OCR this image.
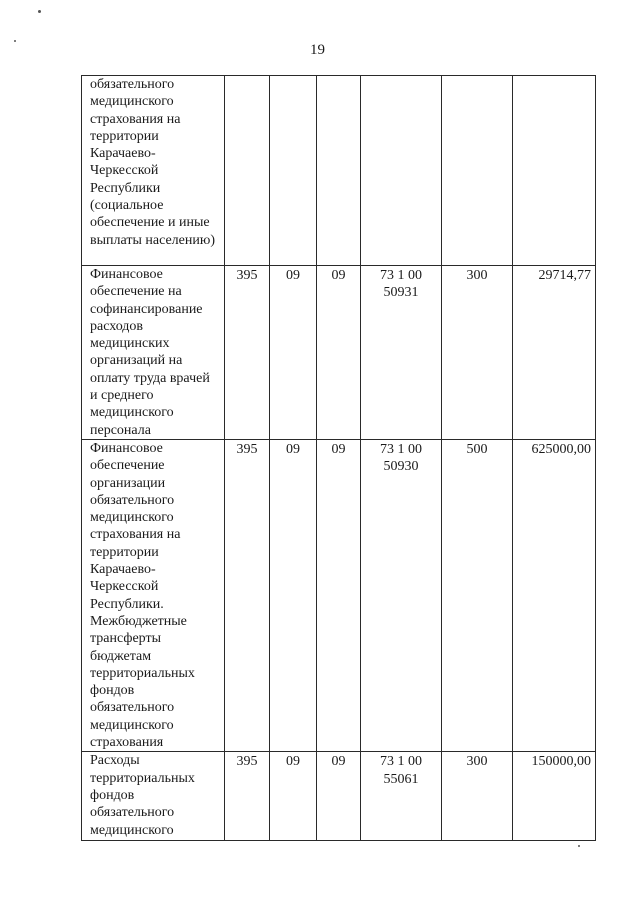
19
обязательного медицинского страхования на территории Карачаево-Черкесской Республики (социальное обеспечение и иные выплаты населению)						
Финансовое обеспечение на софинансирование расходов медицинских организаций на оплату труда врачей и среднего медицинского персонала	395	09	09	73 1 00 50931	300	29714,77
Финансовое обеспечение организации обязательного медицинского страхования на территории Карачаево-Черкесской Республики. Межбюджетные трансферты бюджетам территориальных фондов обязательного медицинского страхования	395	09	09	73 1 00 50930	500	625000,00
Расходы территориальных фондов обязательного медицинского	395	09	09	73 1 00 55061	300	150000,00
